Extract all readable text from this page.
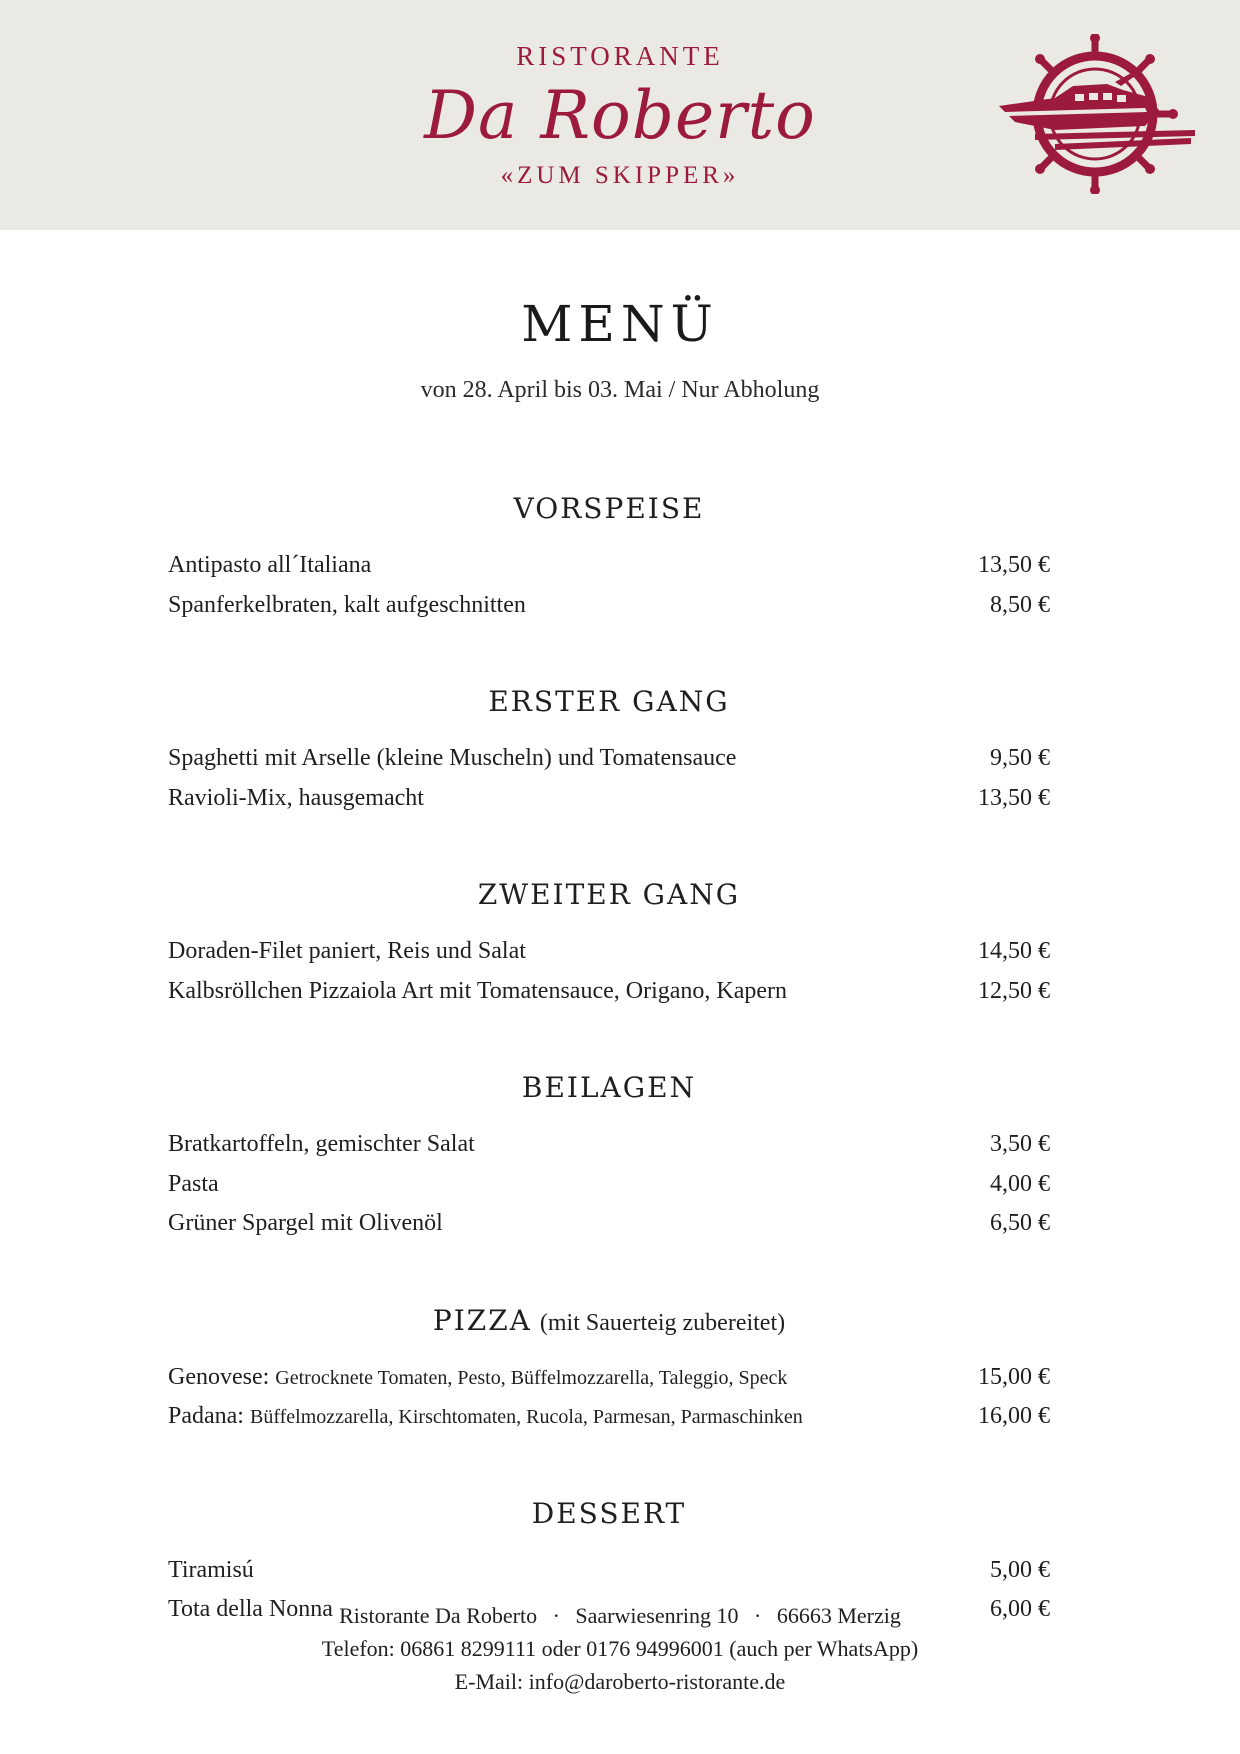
RISTORANTE
Da Roberto
«ZUM SKIPPER»
MENÜ
von 28. April bis 03. Mai / Nur Abholung
VORSPEISE
Antipasto all´Italiana	13,50 €
Spanferkelbraten, kalt aufgeschnitten	8,50 €
ERSTER GANG
Spaghetti mit Arselle (kleine Muscheln) und Tomatensauce	9,50 €
Ravioli-Mix, hausgemacht	13,50 €
ZWEITER GANG
Doraden-Filet paniert, Reis und Salat	14,50 €
Kalbsröllchen Pizzaiola Art mit Tomatensauce, Origano, Kapern	12,50 €
BEILAGEN
Bratkartoffeln, gemischter Salat	3,50 €
Pasta	4,00 €
Grüner Spargel mit Olivenöl	6,50 €
PIZZA (mit Sauerteig zubereitet)
Genovese: Getrocknete Tomaten, Pesto, Büffelmozzarella, Taleggio, Speck	15,00 €
Padana: Büffelmozzarella, Kirschtomaten, Rucola, Parmesan, Parmaschinken	16,00 €
DESSERT
Tiramisú	5,00 €
Tota della Nonna	6,00 €
Ristorante Da Roberto · Saarwiesenring 10 · 66663 Merzig
Telefon: 06861 8299111 oder 0176 94996001 (auch per WhatsApp)
E-Mail: info@daroberto-ristorante.de
